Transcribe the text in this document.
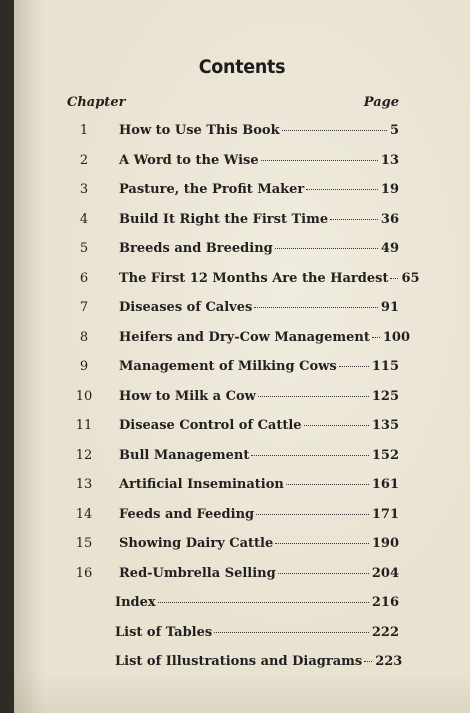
Contents
Chapter	Page
1	How to Use This Book	5
2	A Word to the Wise	13
3	Pasture, the Profit Maker	19
4	Build It Right the First Time	36
5	Breeds and Breeding	49
6	The First 12 Months Are the Hardest 65
7	Diseases of Calves	91
8	Heifers and Dry-Cow Management 100
9	Management of Milking Cows	115
10	How to Milk a Cow	125
11	Disease Control of Cattle	135
12	Bull Management	152
13	Artificial Insemination	161
14	Feeds and Feeding	171
15	Showing Dairy Cattle	190
16	Red-Umbrella Selling	204
Index	216
List of Tables	222
List of Illustrations and Diagrams 223
